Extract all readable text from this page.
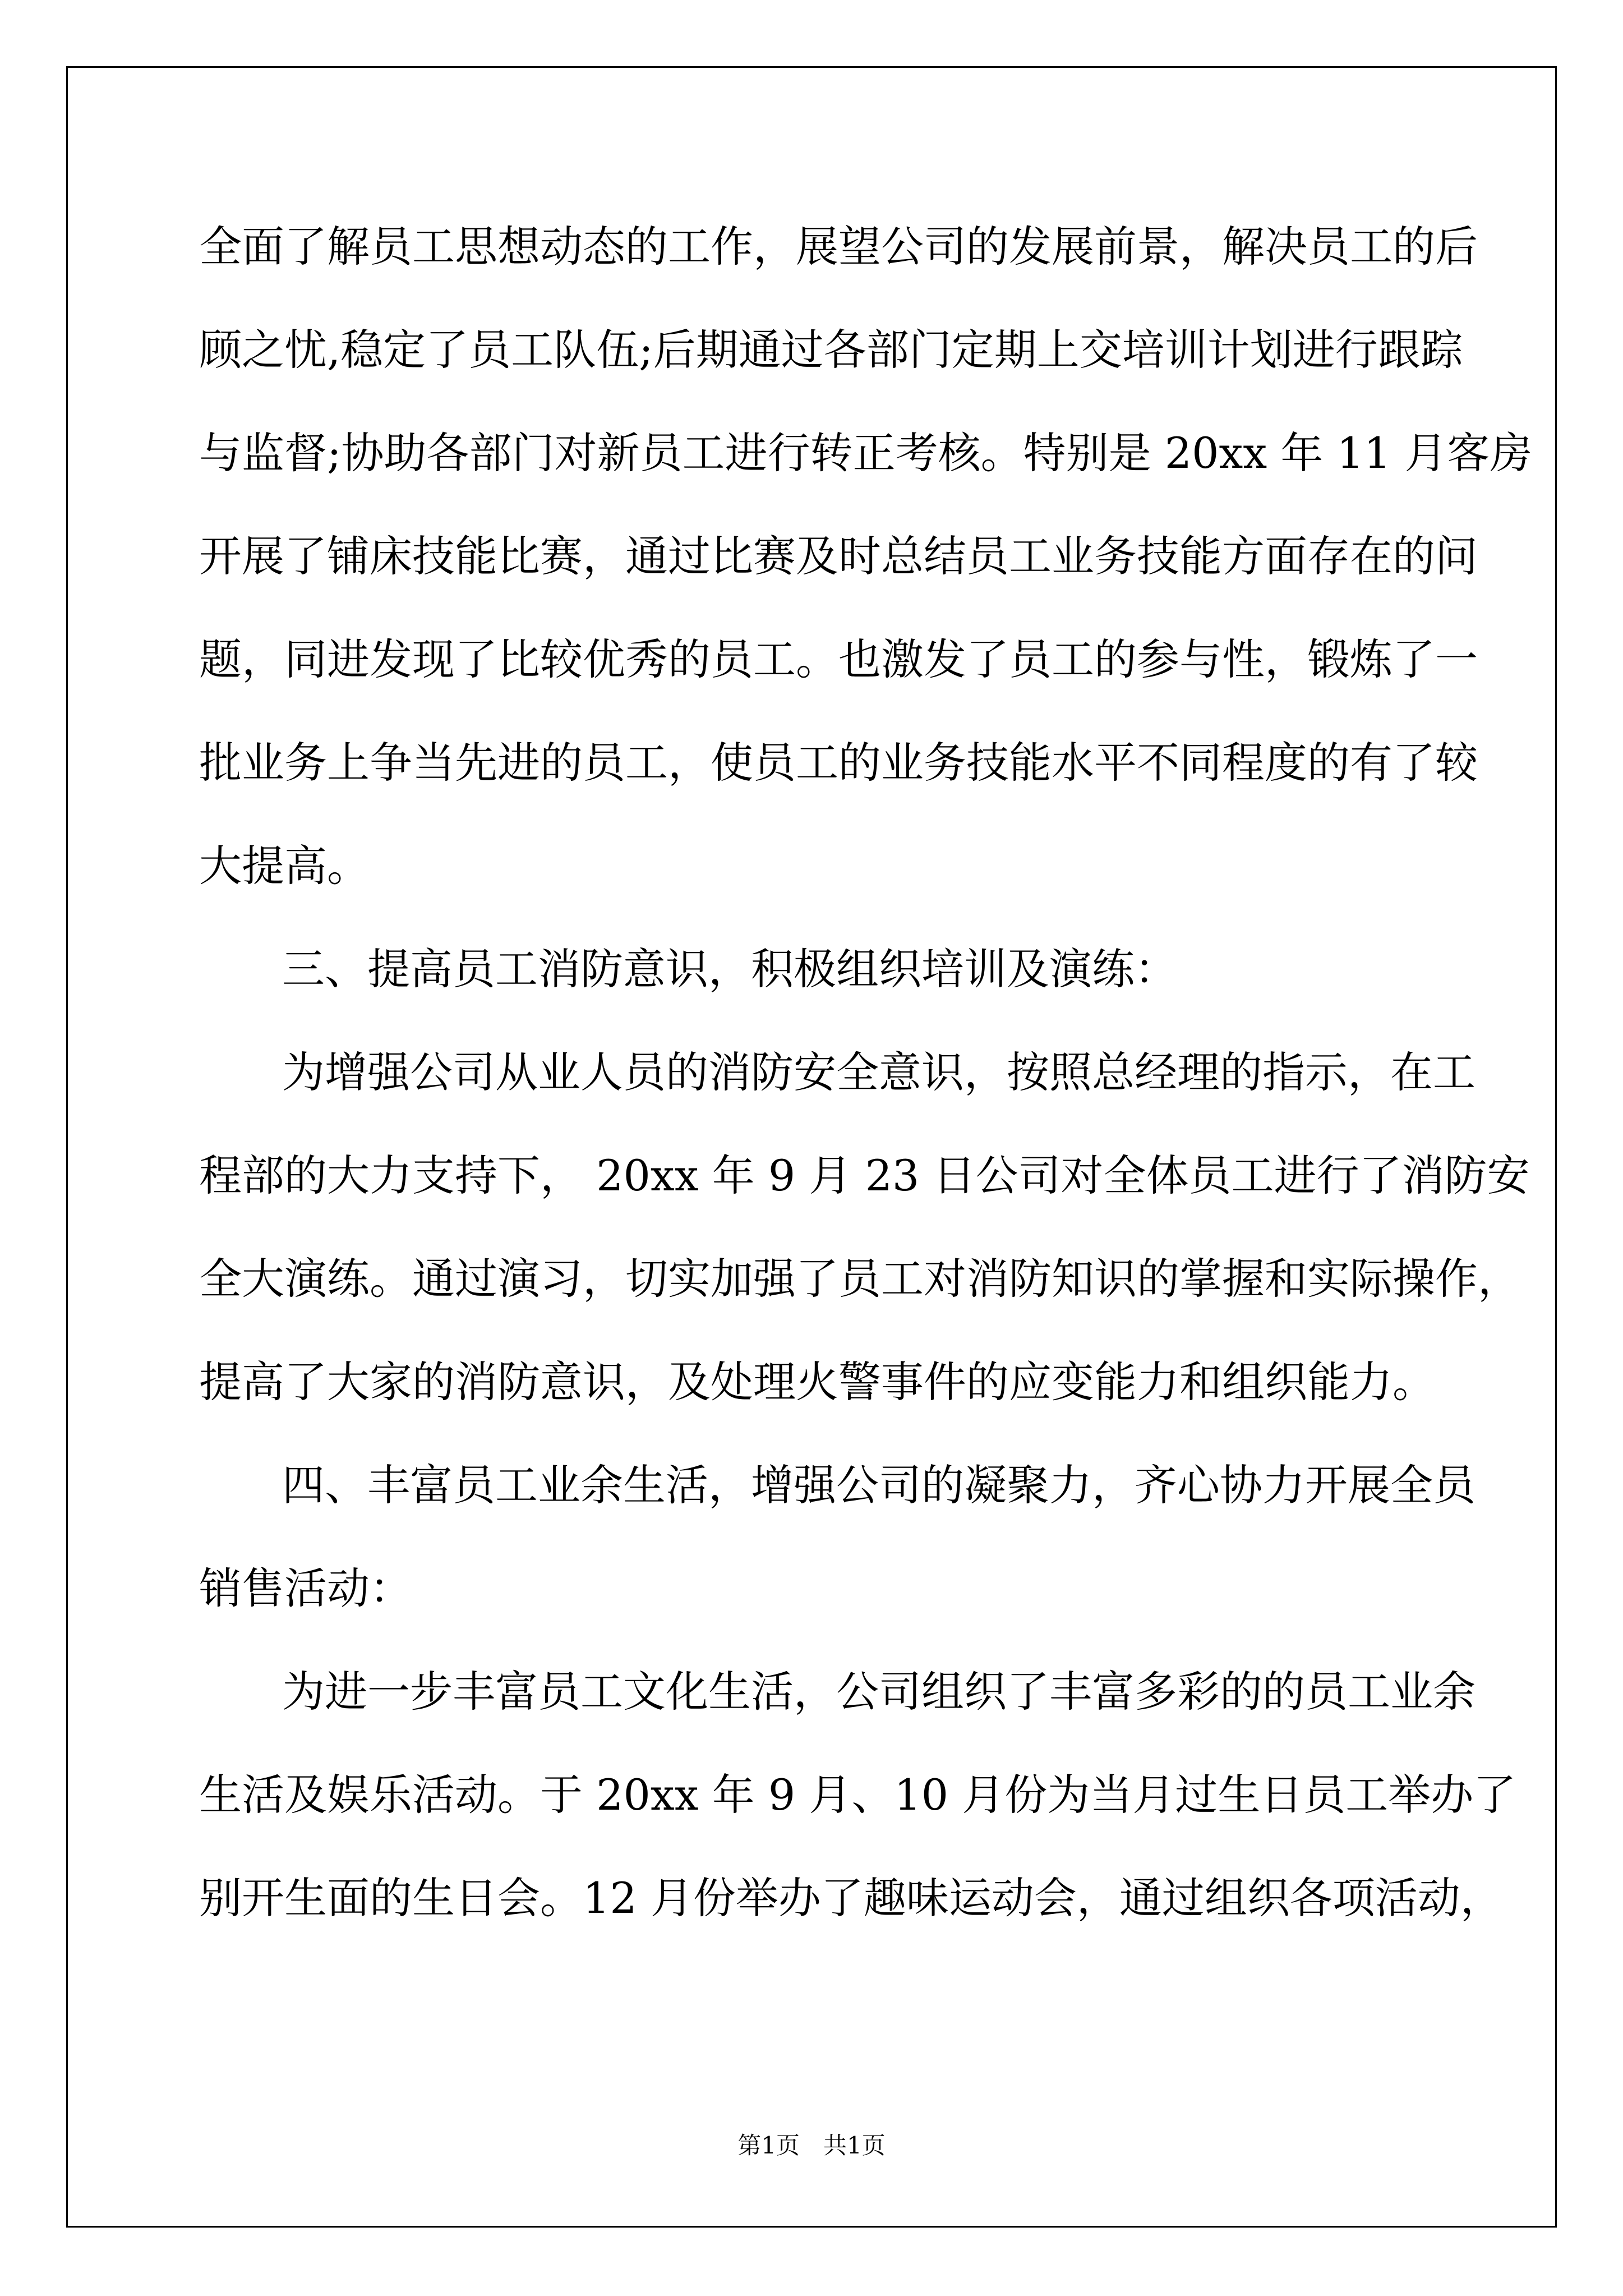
全面了解员工思想动态的工作，展望公司的发展前景，解决员工的后
顾之忧,稳定了员工队伍;后期通过各部门定期上交培训计划进行跟踪
与监督;协助各部门对新员工进行转正考核。特别是 20xx 年 11 月客房
开展了铺床技能比赛，通过比赛及时总结员工业务技能方面存在的问
题，同进发现了比较优秀的员工。也激发了员工的参与性，锻炼了一
批业务上争当先进的员工，使员工的业务技能水平不同程度的有了较
大提高。
三、提高员工消防意识，积极组织培训及演练：
为增强公司从业人员的消防安全意识，按照总经理的指示，在工
程部的大力支持下， 20xx 年 9 月 23 日公司对全体员工进行了消防安
全大演练。通过演习，切实加强了员工对消防知识的掌握和实际操作，
提高了大家的消防意识，及处理火警事件的应变能力和组织能力。
四、丰富员工业余生活，增强公司的凝聚力，齐心协力开展全员
销售活动：
为进一步丰富员工文化生活，公司组织了丰富多彩的的员工业余
生活及娱乐活动。于 20xx 年 9 月、10 月份为当月过生日员工举办了
别开生面的生日会。12 月份举办了趣味运动会，通过组织各项活动，
第1页　共1页
